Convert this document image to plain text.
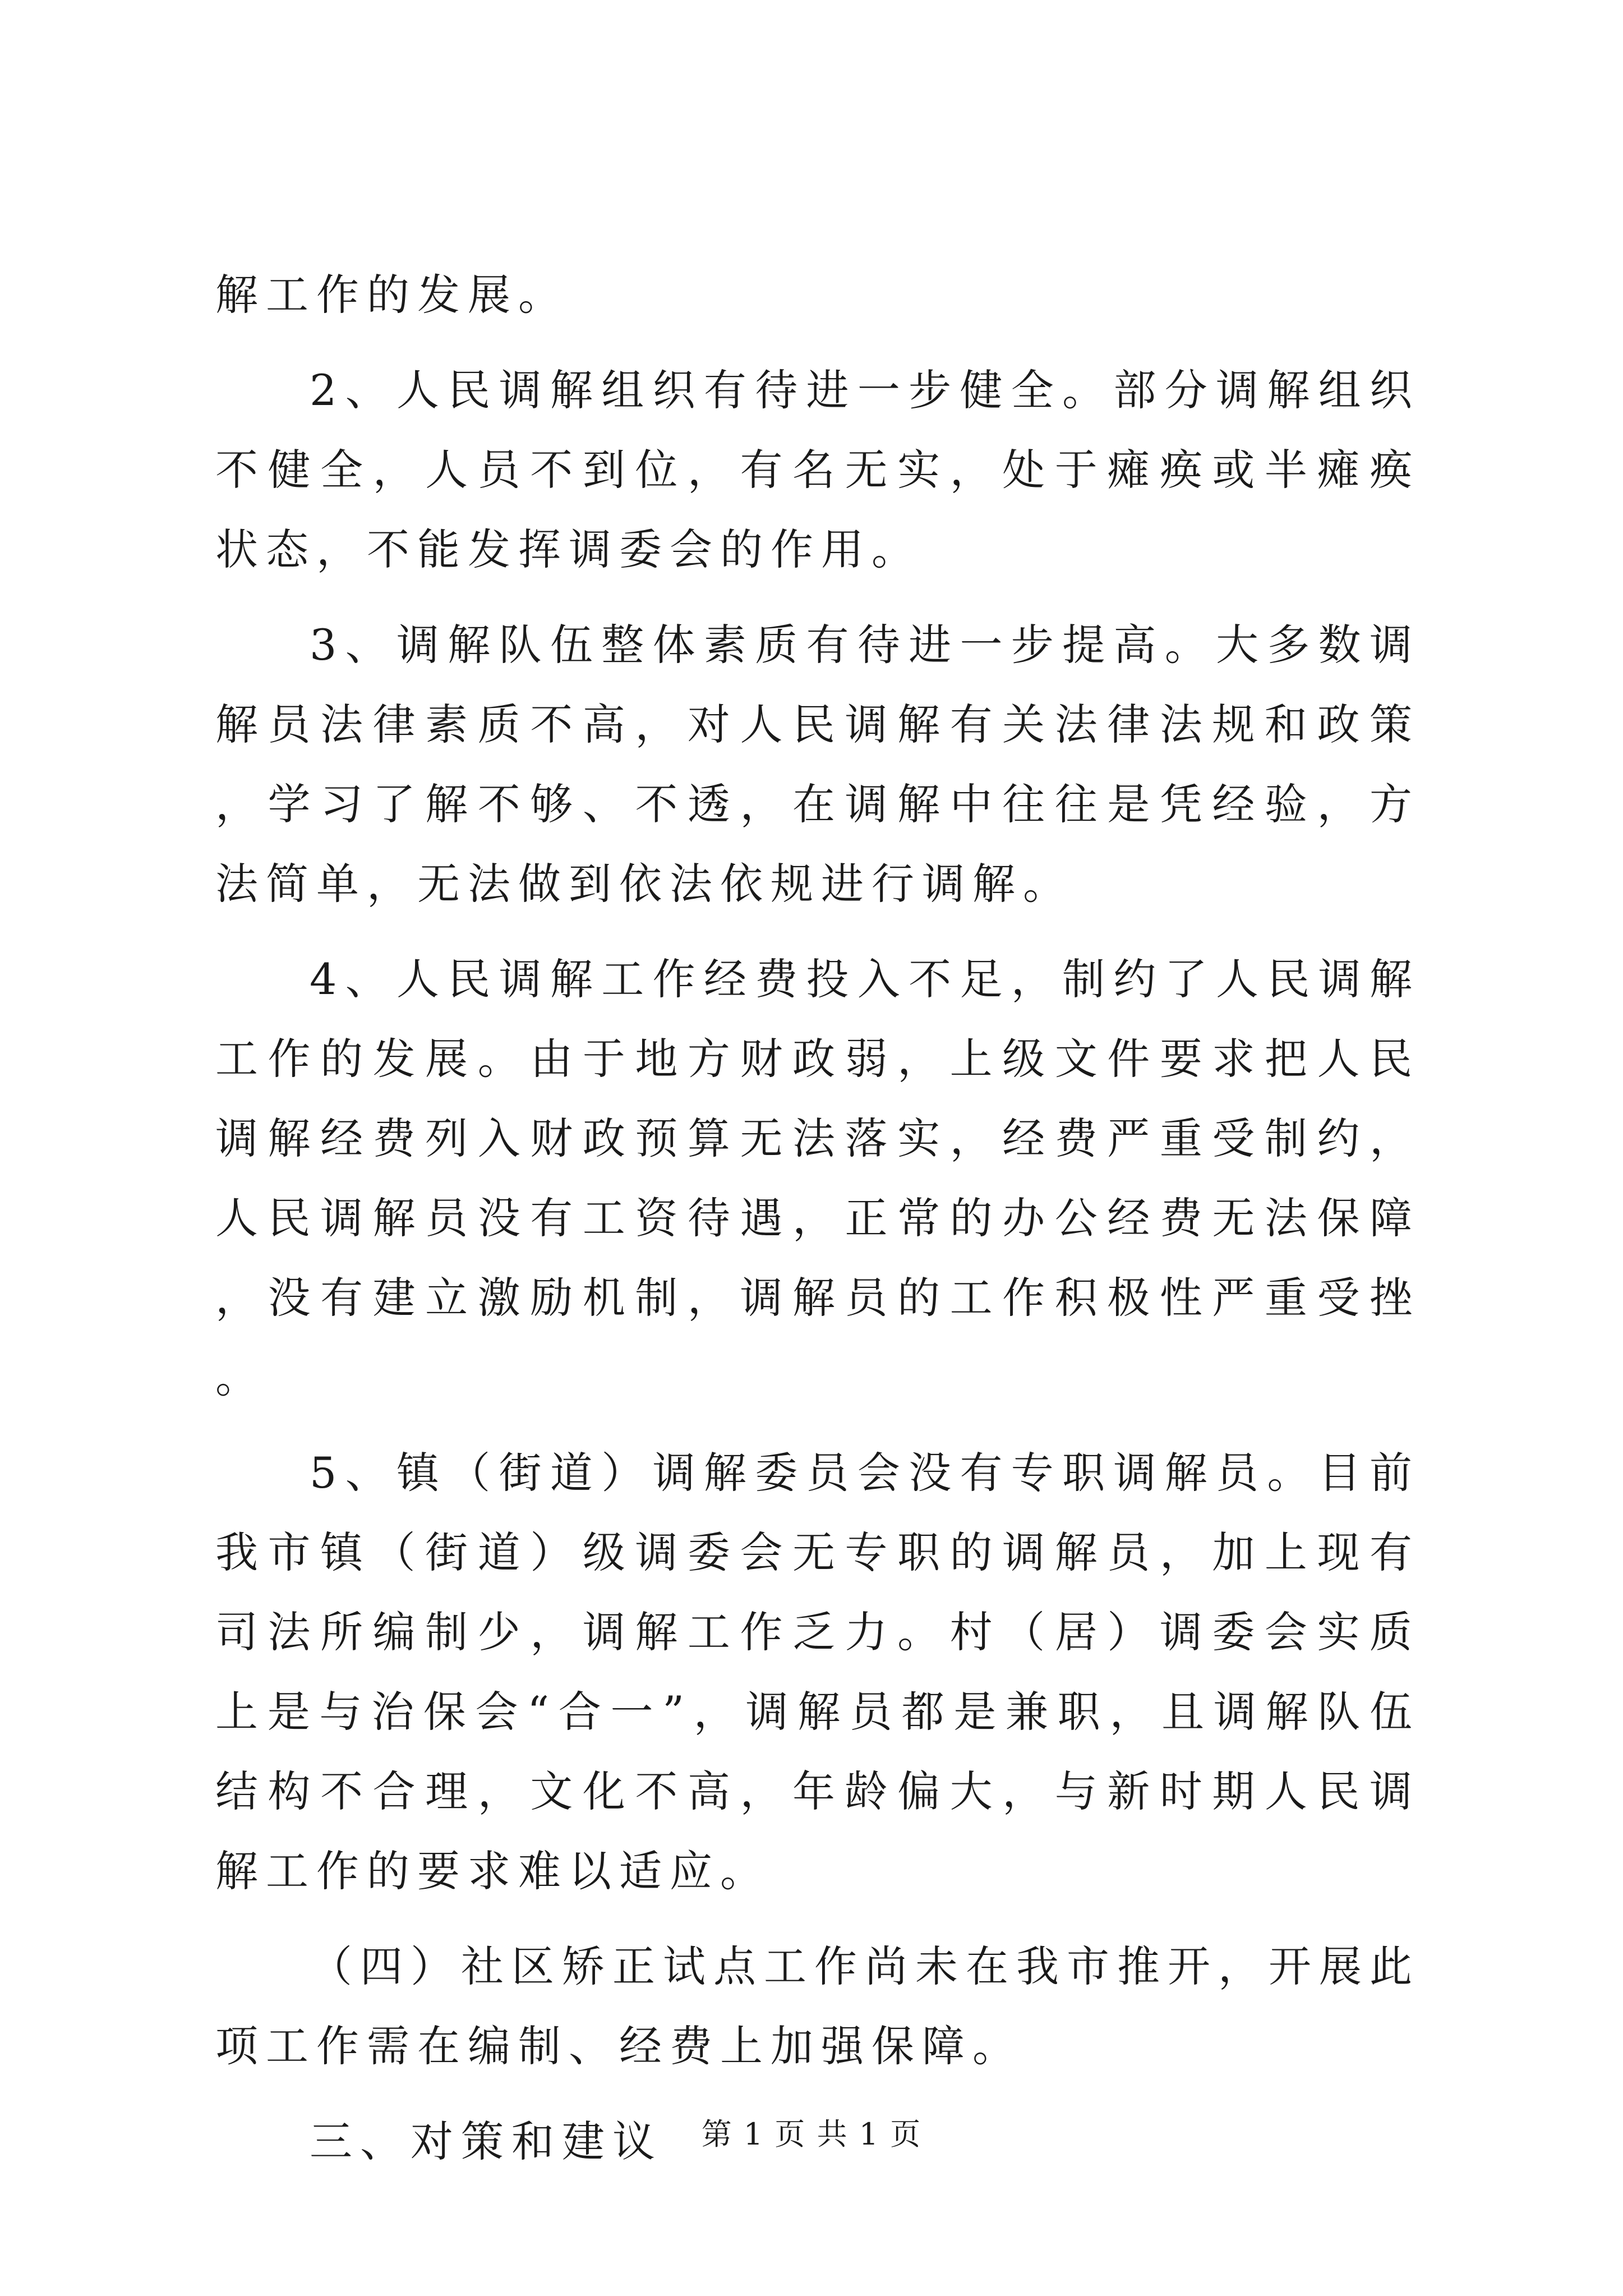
解工作的发展。

2、人民调解组织有待进一步健全。部分调解组织不健全，人员不到位，有名无实，处于瘫痪或半瘫痪状态，不能发挥调委会的作用。

3、调解队伍整体素质有待进一步提高。大多数调解员法律素质不高，对人民调解有关法律法规和政策，学习了解不够、不透，在调解中往往是凭经验，方法简单，无法做到依法依规进行调解。

4、人民调解工作经费投入不足，制约了人民调解工作的发展。由于地方财政弱，上级文件要求把人民调解经费列入财政预算无法落实，经费严重受制约，人民调解员没有工资待遇，正常的办公经费无法保障，没有建立激励机制，调解员的工作积极性严重受挫。

5、镇（街道）调解委员会没有专职调解员。目前我市镇（街道）级调委会无专职的调解员，加上现有司法所编制少，调解工作乏力。村（居）调委会实质上是与治保会“合一”，调解员都是兼职，且调解队伍结构不合理，文化不高，年龄偏大，与新时期人民调解工作的要求难以适应。

（四）社区矫正试点工作尚未在我市推开，开展此项工作需在编制、经费上加强保障。

三、对策和建议	第 1 页 共 1 页
